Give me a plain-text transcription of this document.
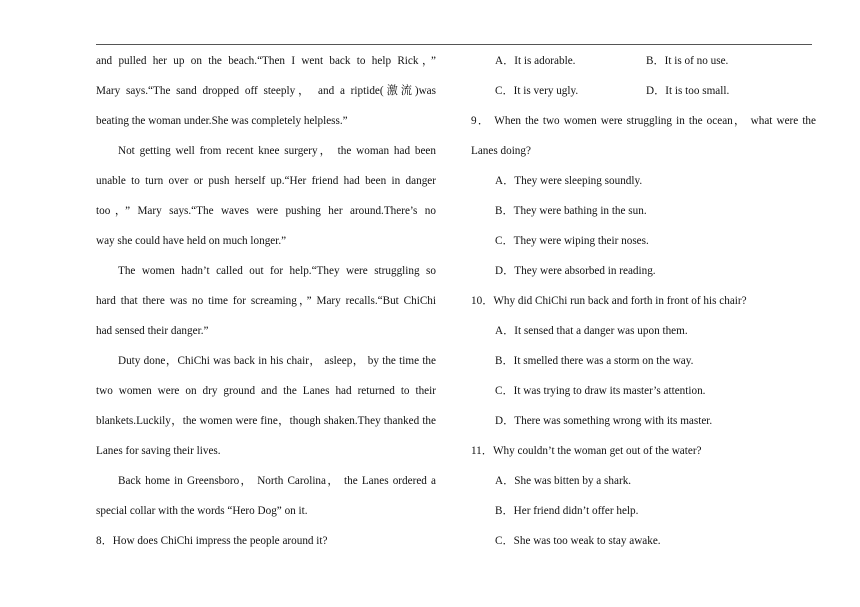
and pulled her up on the beach.“Then I went back to help Rick，”
Mary says.“The sand dropped off steeply， and a riptide(激流)was
beating the woman under.She was completely helpless.”
Not getting well from recent knee surgery， the woman had been
unable to turn over or push herself up.“Her friend had been in danger
too，” Mary says.“The waves were pushing her around.There’s no
way she could have held on much longer.”
The women hadn’t called out for help.“They were struggling so
hard that there was no time for screaming，” Mary recalls.“But ChiChi
had sensed their danger.”
Duty done，ChiChi was back in his chair， asleep， by the time the
two women were on dry ground and the Lanes had returned to their
blankets.Luckily，the women were fine，though shaken.They thanked the
Lanes for saving their lives.
Back home in Greensboro， North Carolina， the Lanes ordered a
special collar with the words “Hero Dog” on it.
8．How does ChiChi impress the people around it?
A．It is adorable.	B．It is of no use.
C．It is very ugly.	D．It is too small.
9． When the two women were struggling in the ocean， what were the
Lanes doing?
A．They were sleeping soundly.
B．They were bathing in the sun.
C．They were wiping their noses.
D．They were absorbed in reading.
10．Why did ChiChi run back and forth in front of his chair?
A．It sensed that a danger was upon them.
B．It smelled there was a storm on the way.
C．It was trying to draw its master’s attention.
D．There was something wrong with its master.
11．Why couldn’t the woman get out of the water?
A．She was bitten by a shark.
B．Her friend didn’t offer help.
C．She was too weak to stay awake.
